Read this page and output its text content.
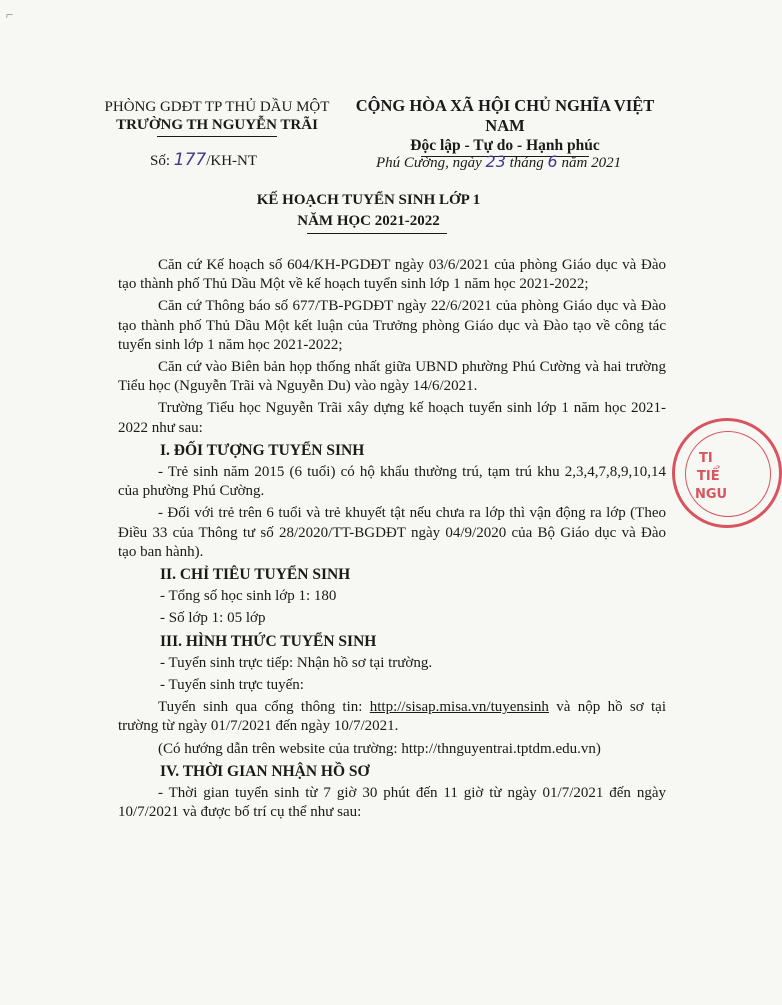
⌐
PHÒNG GDĐT TP THỦ DẦU MỘT
TRƯỜNG TH NGUYỄN TRÃI
CỘNG HÒA XÃ HỘI CHỦ NGHĨA VIỆT NAM
Độc lập - Tự do - Hạnh phúc
Số: 177/KH-NT	Phú Cường, ngày 23 tháng 6 năm 2021
KẾ HOẠCH TUYỂN SINH LỚP 1
NĂM HỌC 2021-2022

Căn cứ Kế hoạch số 604/KH-PGDĐT ngày 03/6/2021 của phòng Giáo dục và Đào tạo thành phố Thủ Dầu Một về kế hoạch tuyển sinh lớp 1 năm học 2021-2022;

Căn cứ Thông báo số 677/TB-PGDĐT ngày 22/6/2021 của phòng Giáo dục và Đào tạo thành phố Thủ Dầu Một kết luận của Trưởng phòng Giáo dục và Đào tạo về công tác tuyển sinh lớp 1 năm học 2021-2022;

Căn cứ vào Biên bản họp thống nhất giữa UBND phường Phú Cường và hai trường Tiểu học (Nguyễn Trãi và Nguyễn Du) vào ngày 14/6/2021.

Trường Tiểu học Nguyễn Trãi xây dựng kế hoạch tuyển sinh lớp 1 năm học 2021-2022 như sau:

I. ĐỐI TƯỢNG TUYỂN SINH

- Trẻ sinh năm 2015 (6 tuổi) có hộ khẩu thường trú, tạm trú khu 2,3,4,7,8,9,10,14 của phường Phú Cường.

- Đối với trẻ trên 6 tuổi và trẻ khuyết tật nếu chưa ra lớp thì vận động ra lớp (Theo Điều 33 của Thông tư số 28/2020/TT-BGDĐT ngày 04/9/2020 của Bộ Giáo dục và Đào tạo ban hành).

II. CHỈ TIÊU TUYỂN SINH
- Tổng số học sinh lớp 1: 180
- Số lớp 1: 05 lớp
III. HÌNH THỨC TUYỂN SINH
- Tuyển sinh trực tiếp: Nhận hồ sơ tại trường.
- Tuyển sinh trực tuyến:

Tuyển sinh qua cổng thông tin: http://sisap.misa.vn/tuyensinh và nộp hồ sơ tại trường từ ngày 01/7/2021 đến ngày 10/7/2021.

(Có hướng dẫn trên website của trường: http://thnguyentrai.tptdm.edu.vn)

IV. THỜI GIAN NHẬN HỒ SƠ

- Thời gian tuyển sinh từ 7 giờ 30 phút đến 11 giờ từ ngày 01/7/2021 đến ngày 10/7/2021 và được bố trí cụ thể như sau:

TI
TIỂ
NGU
